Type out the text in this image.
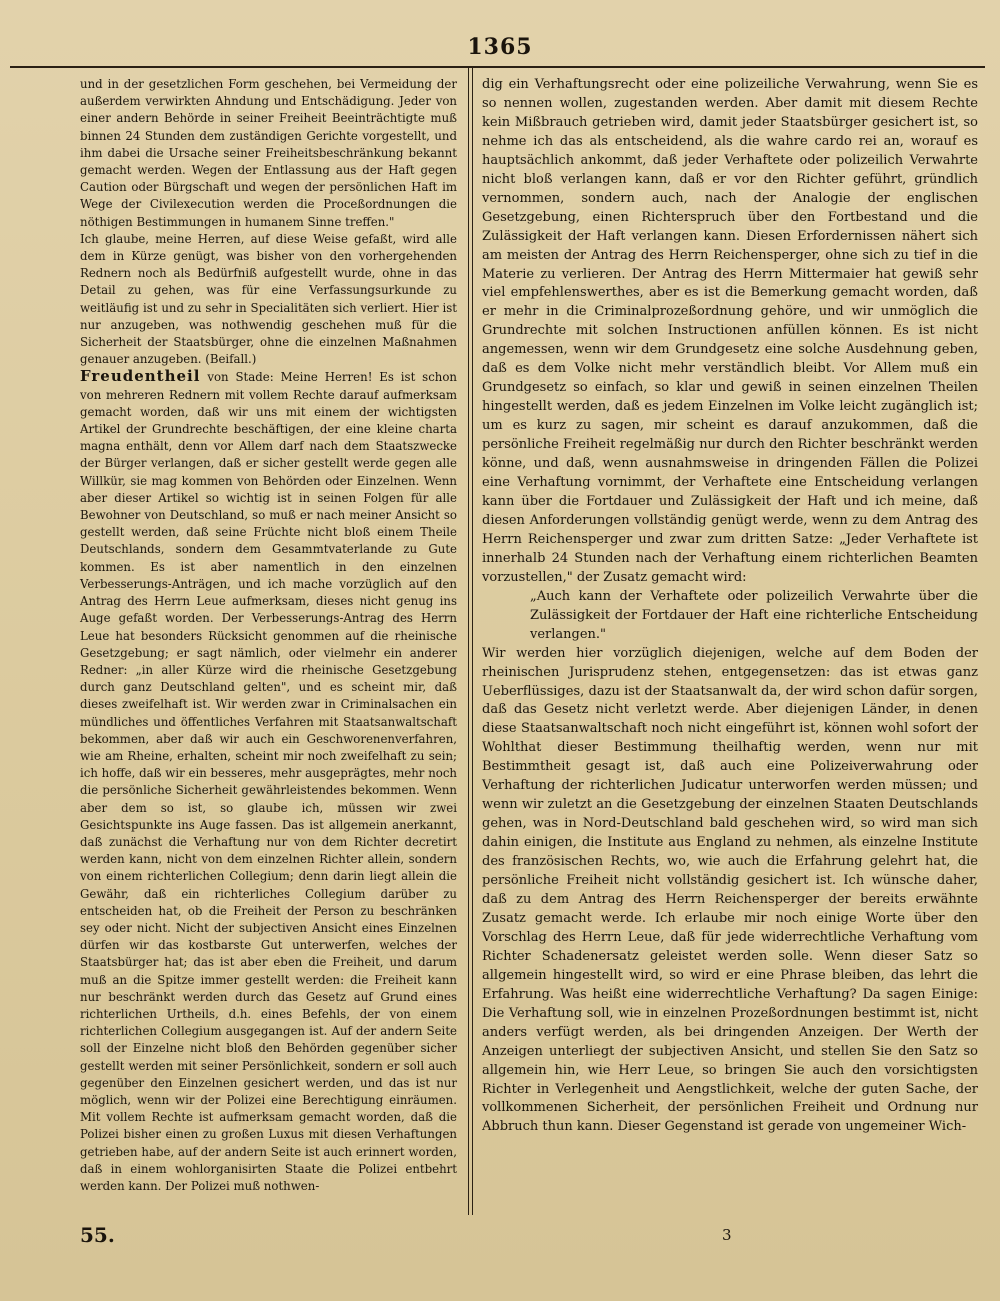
1365

und in der gesetzlichen Form geschehen, bei Vermeidung der außerdem verwirkten Ahndung und Entschädigung. Jeder von einer andern Behörde in seiner Freiheit Beeinträchtigte muß binnen 24 Stunden dem zuständigen Gerichte vorgestellt, und ihm dabei die Ursache seiner Freiheitsbeschränkung bekannt gemacht werden. Wegen der Entlassung aus der Haft gegen Caution oder Bürgschaft und wegen der persönlichen Haft im Wege der Civilexecution werden die Proceßordnungen die nöthigen Bestimmungen in humanem Sinne treffen."

Ich glaube, meine Herren, auf diese Weise gefaßt, wird alle dem in Kürze genügt, was bisher von den vorhergehenden Rednern noch als Bedürfniß aufgestellt wurde, ohne in das Detail zu gehen, was für eine Verfassungsurkunde zu weitläufig ist und zu sehr in Specialitäten sich verliert. Hier ist nur anzugeben, was nothwendig geschehen muß für die Sicherheit der Staatsbürger, ohne die einzelnen Maßnahmen genauer anzugeben. (Beifall.)

Freudentheil von Stade: Meine Herren! Es ist schon von mehreren Rednern mit vollem Rechte darauf aufmerksam gemacht worden, daß wir uns mit einem der wichtigsten Artikel der Grundrechte beschäftigen, der eine kleine charta magna enthält, denn vor Allem darf nach dem Staatszwecke der Bürger verlangen, daß er sicher gestellt werde gegen alle Willkür, sie mag kommen von Behörden oder Einzelnen. Wenn aber dieser Artikel so wichtig ist in seinen Folgen für alle Bewohner von Deutschland, so muß er nach meiner Ansicht so gestellt werden, daß seine Früchte nicht bloß einem Theile Deutschlands, sondern dem Gesammtvaterlande zu Gute kommen. Es ist aber namentlich in den einzelnen Verbesserungs-Anträgen, und ich mache vorzüglich auf den Antrag des Herrn Leue aufmerksam, dieses nicht genug ins Auge gefaßt worden. Der Verbesserungs-Antrag des Herrn Leue hat besonders Rücksicht genommen auf die rheinische Gesetzgebung; er sagt nämlich, oder vielmehr ein anderer Redner: „in aller Kürze wird die rheinische Gesetzgebung durch ganz Deutschland gelten", und es scheint mir, daß dieses zweifelhaft ist. Wir werden zwar in Criminalsachen ein mündliches und öffentliches Verfahren mit Staatsanwaltschaft bekommen, aber daß wir auch ein Geschworenenverfahren, wie am Rheine, erhalten, scheint mir noch zweifelhaft zu sein; ich hoffe, daß wir ein besseres, mehr ausgeprägtes, mehr noch die persönliche Sicherheit gewährleistendes bekommen. Wenn aber dem so ist, so glaube ich, müssen wir zwei Gesichtspunkte ins Auge fassen. Das ist allgemein anerkannt, daß zunächst die Verhaftung nur von dem Richter decretirt werden kann, nicht von dem einzelnen Richter allein, sondern von einem richterlichen Collegium; denn darin liegt allein die Gewähr, daß ein richterliches Collegium darüber zu entscheiden hat, ob die Freiheit der Person zu beschränken sey oder nicht. Nicht der subjectiven Ansicht eines Einzelnen dürfen wir das kostbarste Gut unterwerfen, welches der Staatsbürger hat; das ist aber eben die Freiheit, und darum muß an die Spitze immer gestellt werden: die Freiheit kann nur beschränkt werden durch das Gesetz auf Grund eines richterlichen Urtheils, d.h. eines Befehls, der von einem richterlichen Collegium ausgegangen ist. Auf der andern Seite soll der Einzelne nicht bloß den Behörden gegenüber sicher gestellt werden mit seiner Persönlichkeit, sondern er soll auch gegenüber den Einzelnen gesichert werden, und das ist nur möglich, wenn wir der Polizei eine Berechtigung einräumen. Mit vollem Rechte ist aufmerksam gemacht worden, daß die Polizei bisher einen zu großen Luxus mit diesen Verhaftungen getrieben habe, auf der andern Seite ist auch erinnert worden, daß in einem wohlorganisirten Staate die Polizei entbehrt werden kann. Der Polizei muß nothwen-

dig ein Verhaftungsrecht oder eine polizeiliche Verwahrung, wenn Sie es so nennen wollen, zugestanden werden. Aber damit mit diesem Rechte kein Mißbrauch getrieben wird, damit jeder Staatsbürger gesichert ist, so nehme ich das als entscheidend, als die wahre cardo rei an, worauf es hauptsächlich ankommt, daß jeder Verhaftete oder polizeilich Verwahrte nicht bloß verlangen kann, daß er vor den Richter geführt, gründlich vernommen, sondern auch, nach der Analogie der englischen Gesetzgebung, einen Richterspruch über den Fortbestand und die Zulässigkeit der Haft verlangen kann. Diesen Erfordernissen nähert sich am meisten der Antrag des Herrn Reichensperger, ohne sich zu tief in die Materie zu verlieren. Der Antrag des Herrn Mittermaier hat gewiß sehr viel empfehlenswerthes, aber es ist die Bemerkung gemacht worden, daß er mehr in die Criminalprozeßordnung gehöre, und wir unmöglich die Grundrechte mit solchen Instructionen anfüllen können. Es ist nicht angemessen, wenn wir dem Grundgesetz eine solche Ausdehnung geben, daß es dem Volke nicht mehr verständlich bleibt. Vor Allem muß ein Grundgesetz so einfach, so klar und gewiß in seinen einzelnen Theilen hingestellt werden, daß es jedem Einzelnen im Volke leicht zugänglich ist; um es kurz zu sagen, mir scheint es darauf anzukommen, daß die persönliche Freiheit regelmäßig nur durch den Richter beschränkt werden könne, und daß, wenn ausnahmsweise in dringenden Fällen die Polizei eine Verhaftung vornimmt, der Verhaftete eine Entscheidung verlangen kann über die Fortdauer und Zulässigkeit der Haft und ich meine, daß diesen Anforderungen vollständig genügt werde, wenn zu dem Antrag des Herrn Reichensperger und zwar zum dritten Satze: „Jeder Verhaftete ist innerhalb 24 Stunden nach der Verhaftung einem richterlichen Beamten vorzustellen," der Zusatz gemacht wird:

„Auch kann der Verhaftete oder polizeilich Verwahrte über die Zulässigkeit der Fortdauer der Haft eine richterliche Entscheidung verlangen."

Wir werden hier vorzüglich diejenigen, welche auf dem Boden der rheinischen Jurisprudenz stehen, entgegensetzen: das ist etwas ganz Ueberflüssiges, dazu ist der Staatsanwalt da, der wird schon dafür sorgen, daß das Gesetz nicht verletzt werde. Aber diejenigen Länder, in denen diese Staatsanwaltschaft noch nicht eingeführt ist, können wohl sofort der Wohlthat dieser Bestimmung theilhaftig werden, wenn nur mit Bestimmtheit gesagt ist, daß auch eine Polizeiverwahrung oder Verhaftung der richterlichen Judicatur unterworfen werden müssen; und wenn wir zuletzt an die Gesetzgebung der einzelnen Staaten Deutschlands gehen, was in Nord-Deutschland bald geschehen wird, so wird man sich dahin einigen, die Institute aus England zu nehmen, als einzelne Institute des französischen Rechts, wo, wie auch die Erfahrung gelehrt hat, die persönliche Freiheit nicht vollständig gesichert ist. Ich wünsche daher, daß zu dem Antrag des Herrn Reichensperger der bereits erwähnte Zusatz gemacht werde. Ich erlaube mir noch einige Worte über den Vorschlag des Herrn Leue, daß für jede widerrechtliche Verhaftung vom Richter Schadenersatz geleistet werden solle. Wenn dieser Satz so allgemein hingestellt wird, so wird er eine Phrase bleiben, das lehrt die Erfahrung. Was heißt eine widerrechtliche Verhaftung? Da sagen Einige: Die Verhaftung soll, wie in einzelnen Prozeßordnungen bestimmt ist, nicht anders verfügt werden, als bei dringenden Anzeigen. Der Werth der Anzeigen unterliegt der subjectiven Ansicht, und stellen Sie den Satz so allgemein hin, wie Herr Leue, so bringen Sie auch den vorsichtigsten Richter in Verlegenheit und Aengstlichkeit, welche der guten Sache, der vollkommenen Sicherheit, der persönlichen Freiheit und Ordnung nur Abbruch thun kann. Dieser Gegenstand ist gerade von ungemeiner Wich-

55.	3
